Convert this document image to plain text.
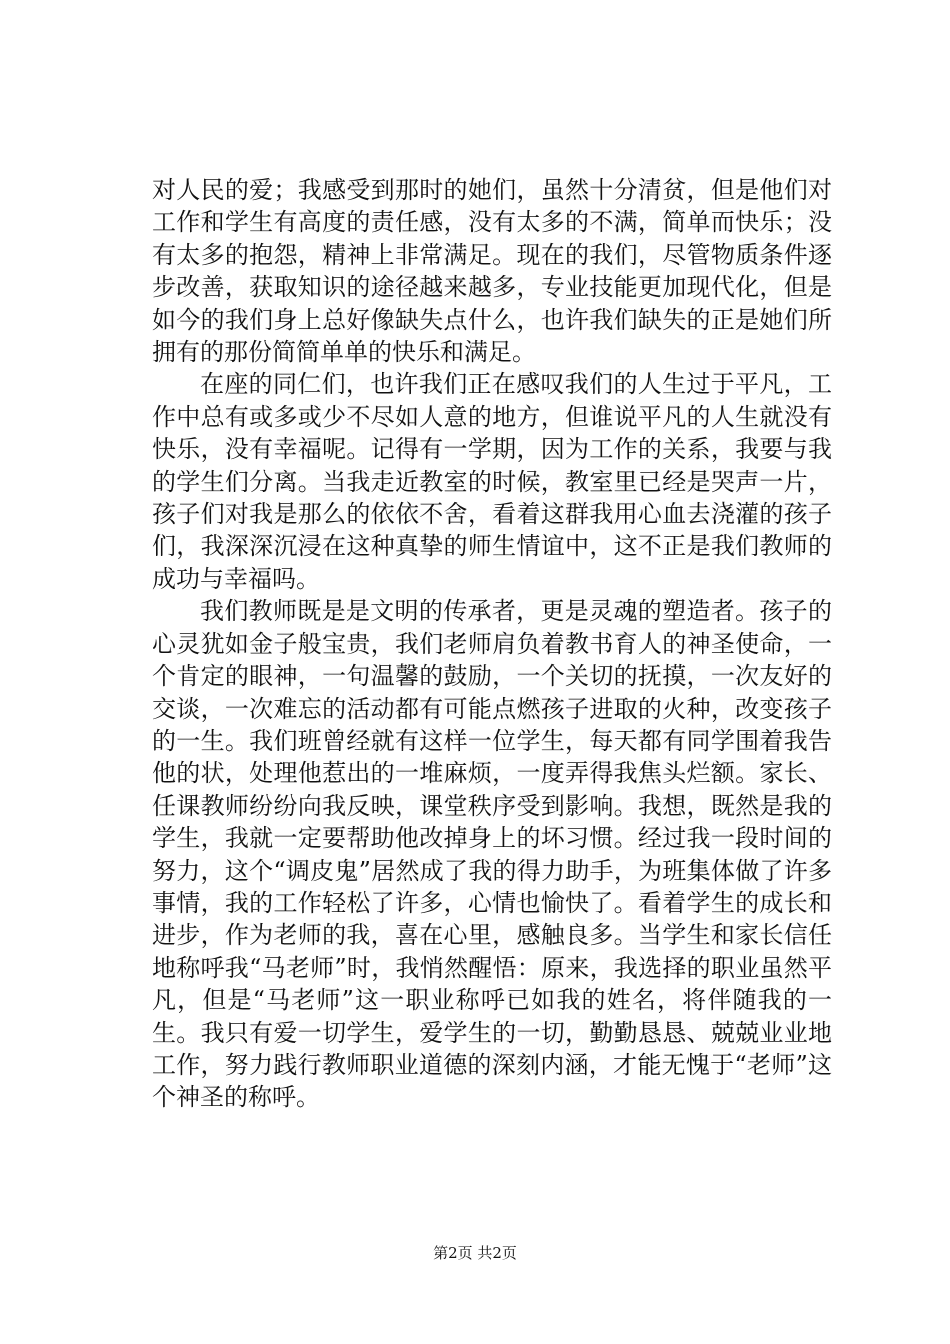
对人民的爱；我感受到那时的她们，虽然十分清贫，但是他们对工作和学生有高度的责任感，没有太多的不满，简单而快乐；没有太多的抱怨，精神上非常满足。现在的我们，尽管物质条件逐步改善，获取知识的途径越来越多，专业技能更加现代化，但是如今的我们身上总好像缺失点什么，也许我们缺失的正是她们所拥有的那份简简单单的快乐和满足。

在座的同仁们，也许我们正在感叹我们的人生过于平凡，工作中总有或多或少不尽如人意的地方，但谁说平凡的人生就没有快乐，没有幸福呢。记得有一学期，因为工作的关系，我要与我的学生们分离。当我走近教室的时候，教室里已经是哭声一片，孩子们对我是那么的依依不舍，看着这群我用心血去浇灌的孩子们，我深深沉浸在这种真挚的师生情谊中，这不正是我们教师的成功与幸福吗。

我们教师既是是文明的传承者，更是灵魂的塑造者。孩子的心灵犹如金子般宝贵，我们老师肩负着教书育人的神圣使命，一个肯定的眼神，一句温馨的鼓励，一个关切的抚摸，一次友好的交谈，一次难忘的活动都有可能点燃孩子进取的火种，改变孩子的一生。我们班曾经就有这样一位学生，每天都有同学围着我告他的状，处理他惹出的一堆麻烦，一度弄得我焦头烂额。家长、任课教师纷纷向我反映，课堂秩序受到影响。我想，既然是我的学生，我就一定要帮助他改掉身上的坏习惯。经过我一段时间的努力，这个“调皮鬼”居然成了我的得力助手，为班集体做了许多事情，我的工作轻松了许多，心情也愉快了。看着学生的成长和进步，作为老师的我，喜在心里，感触良多。当学生和家长信任地称呼我“马老师”时，我悄然醒悟：原来，我选择的职业虽然平凡，但是“马老师”这一职业称呼已如我的姓名，将伴随我的一生。我只有爱一切学生，爱学生的一切，勤勤恳恳、兢兢业业地工作，努力践行教师职业道德的深刻内涵，才能无愧于“老师”这个神圣的称呼。

第2页 共2页
